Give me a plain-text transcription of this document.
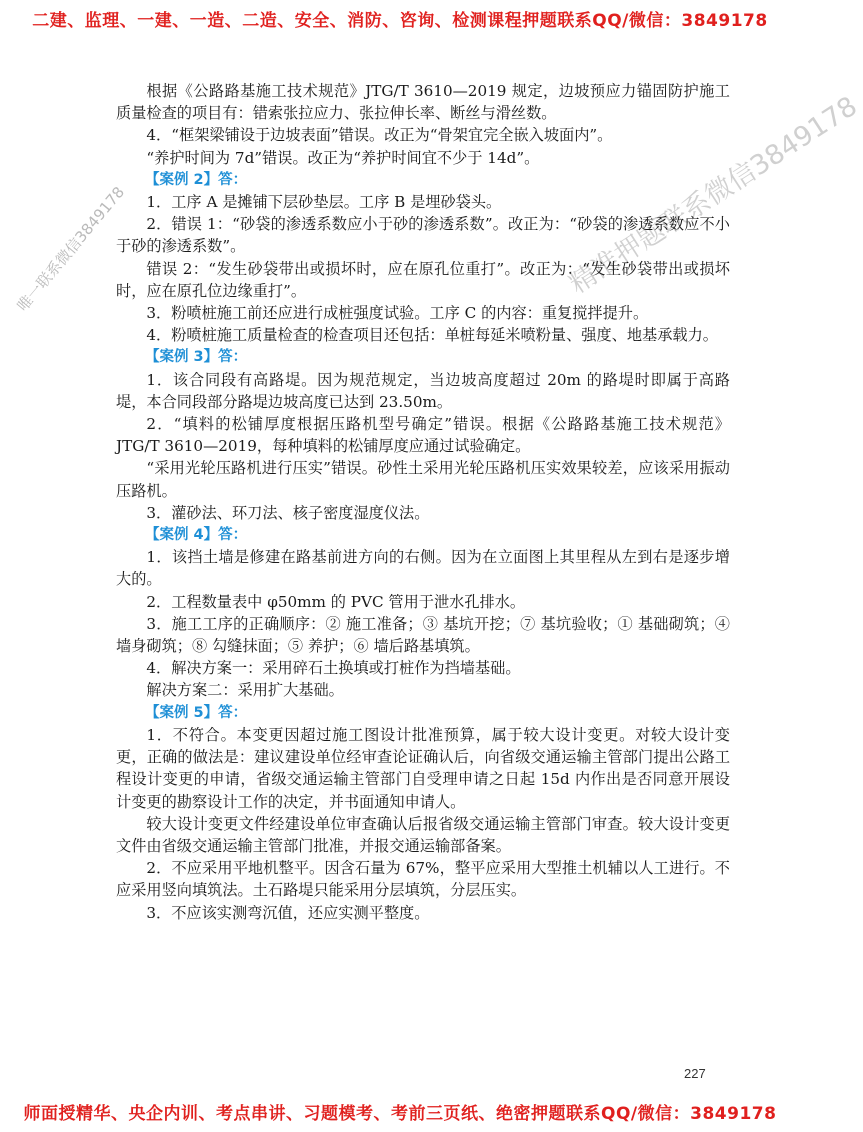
二建、监理、一建、一造、二造、安全、消防、咨询、检测课程押题联系QQ/微信：3849178
唯一联系微信3849178	精准押题联系微信3849178

根据《公路路基施工技术规范》JTG/T 3610—2019 规定，边坡预应力锚固防护施工质量检查的项目有：错索张拉应力、张拉伸长率、断丝与滑丝数。

4．“框架梁铺设于边坡表面”错误。改正为“骨架宜完全嵌入坡面内”。

“养护时间为 7d”错误。改正为“养护时间宜不少于 14d”。

【案例 2】答：

1．工序 A 是摊铺下层砂垫层。工序 B 是埋砂袋头。

2．错误 1：“砂袋的渗透系数应小于砂的渗透系数”。改正为：“砂袋的渗透系数应不小于砂的渗透系数”。

错误 2：“发生砂袋带出或损坏时，应在原孔位重打”。改正为：“发生砂袋带出或损坏时，应在原孔位边缘重打”。

3．粉喷桩施工前还应进行成桩强度试验。工序 C 的内容：重复搅拌提升。

4．粉喷桩施工质量检查的检查项目还包括：单桩每延米喷粉量、强度、地基承载力。

【案例 3】答：

1．该合同段有高路堤。因为规范规定，当边坡高度超过 20m 的路堤时即属于高路堤，本合同段部分路堤边坡高度已达到 23.50m。

2．“填料的松铺厚度根据压路机型号确定”错误。根据《公路路基施工技术规范》JTG/T 3610—2019，每种填料的松铺厚度应通过试验确定。

“采用光轮压路机进行压实”错误。砂性土采用光轮压路机压实效果较差，应该采用振动压路机。

3．灌砂法、环刀法、核子密度湿度仪法。

【案例 4】答：

1．该挡土墙是修建在路基前进方向的右侧。因为在立面图上其里程从左到右是逐步增大的。

2．工程数量表中 φ50mm 的 PVC 管用于泄水孔排水。

3．施工工序的正确顺序：② 施工准备；③ 基坑开挖；⑦ 基坑验收；① 基础砌筑；④ 墙身砌筑；⑧ 勾缝抹面；⑤ 养护；⑥ 墙后路基填筑。

4．解决方案一：采用碎石土换填或打桩作为挡墙基础。

解决方案二：采用扩大基础。

【案例 5】答：

1．不符合。本变更因超过施工图设计批准预算，属于较大设计变更。对较大设计变更，正确的做法是：建议建设单位经审查论证确认后，向省级交通运输主管部门提出公路工程设计变更的申请，省级交通运输主管部门自受理申请之日起 15d 内作出是否同意开展设计变更的勘察设计工作的决定，并书面通知申请人。

较大设计变更文件经建设单位审查确认后报省级交通运输主管部门审查。较大设计变更文件由省级交通运输主管部门批准，并报交通运输部备案。

2．不应采用平地机整平。因含石量为 67%，整平应采用大型推土机辅以人工进行。不应采用竖向填筑法。土石路堤只能采用分层填筑，分层压实。

3．不应该实测弯沉值，还应实测平整度。

227
师面授精华、央企内训、考点串讲、习题模考、考前三页纸、绝密押题联系QQ/微信：3849178
